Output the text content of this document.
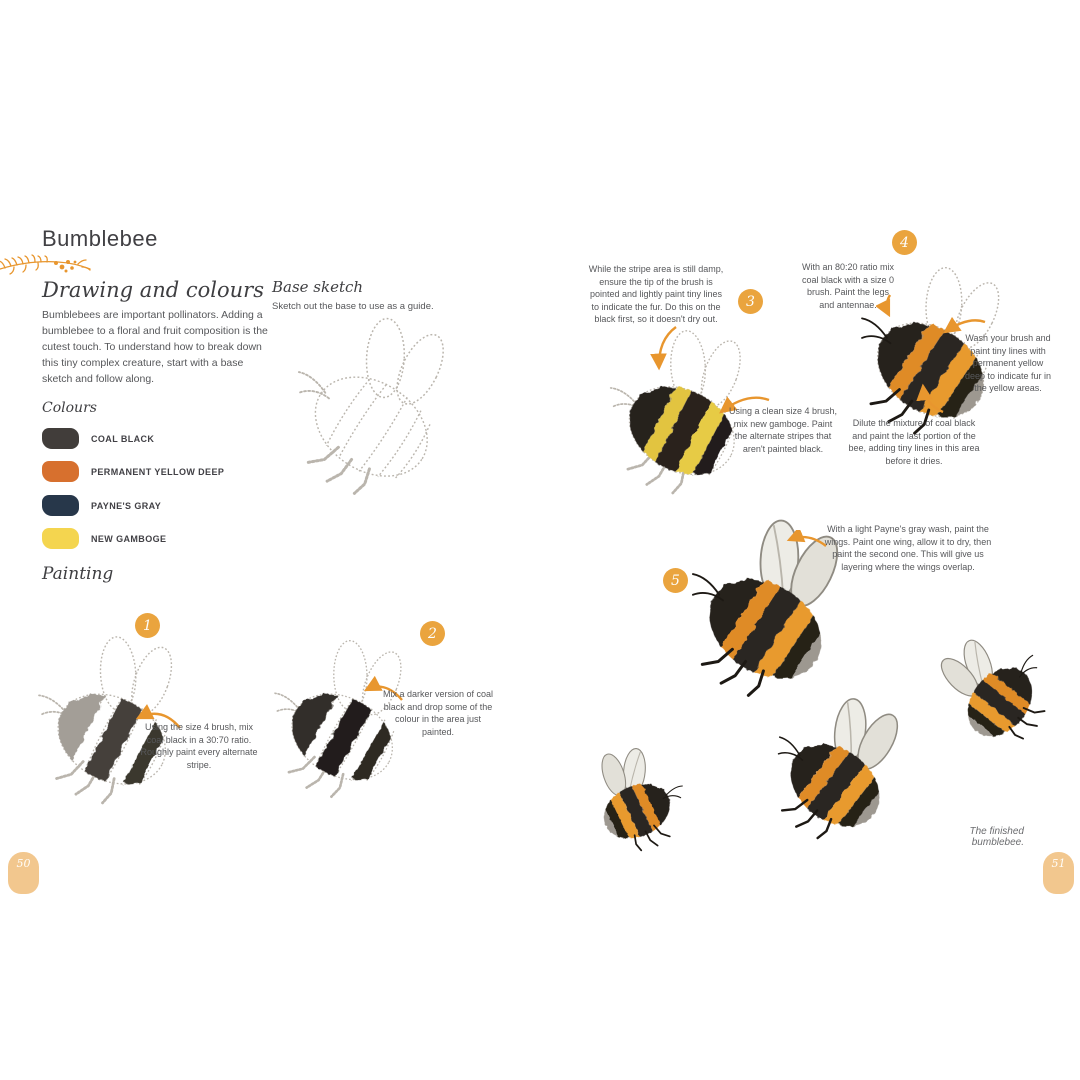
Bumblebee
Drawing and colours
Bumblebees are important pollinators. Adding a bumblebee to a floral and fruit composition is the cutest touch. To understand how to break down this tiny complex creature, start with a base sketch and follow along.
Colours
COAL BLACK
PERMANENT YELLOW DEEP
PAYNE'S GRAY
NEW GAMBOGE
Painting
Base sketch
Sketch out the base to use as a guide.
1
Using the size 4 brush, mix coal black in a 30:70 ratio. Roughly paint every alternate stripe.
2
Mix a darker version of coal black and drop some of the colour in the area just painted.
While the stripe area is still damp, ensure the tip of the brush is pointed and lightly paint tiny lines to indicate the fur. Do this on the black first, so it doesn't dry out.
3
Using a clean size 4 brush, mix new gamboge. Paint the alternate stripes that aren't painted black.
4
With an 80:20 ratio mix coal black with a size 0 brush. Paint the legs and antennae.
Wash your brush and paint tiny lines with permanent yellow deep to indicate fur in the yellow areas.
Dilute the mixture of coal black and paint the last portion of the bee, adding tiny lines in this area before it dries.
5
With a light Payne's gray wash, paint the wings. Paint one wing, allow it to dry, then paint the second one. This will give us layering where the wings overlap.
The finished bumblebee.
50	51
